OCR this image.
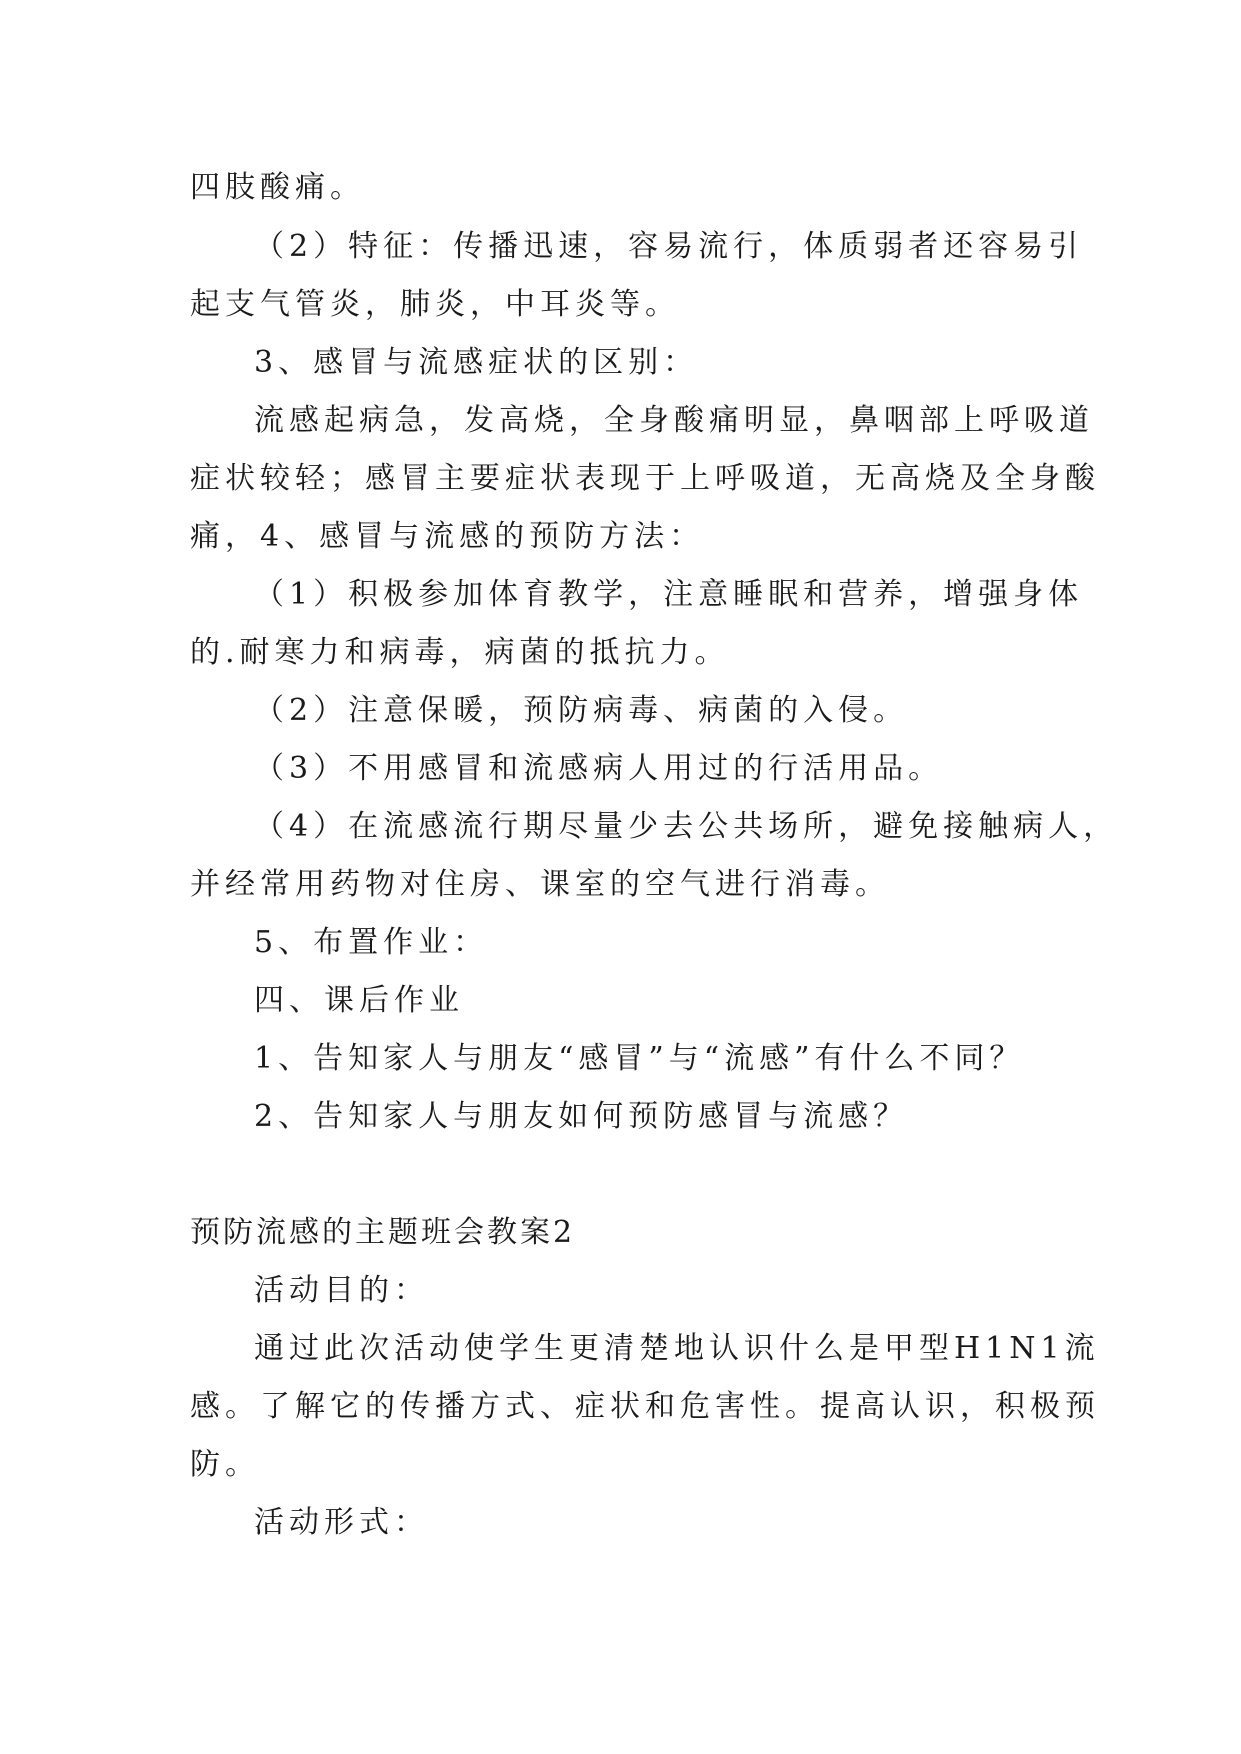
四肢酸痛。
（2）特征：传播迅速，容易流行，体质弱者还容易引
起支气管炎，肺炎，中耳炎等。
3、感冒与流感症状的区别：
流感起病急，发高烧，全身酸痛明显，鼻咽部上呼吸道
症状较轻；感冒主要症状表现于上呼吸道，无高烧及全身酸
痛，4、感冒与流感的预防方法：
（1）积极参加体育教学，注意睡眠和营养，增强身体
的.耐寒力和病毒，病菌的抵抗力。
（2）注意保暖，预防病毒、病菌的入侵。
（3）不用感冒和流感病人用过的行活用品。
（4）在流感流行期尽量少去公共场所，避免接触病人，
并经常用药物对住房、课室的空气进行消毒。
5、布置作业：
四、课后作业
1、告知家人与朋友“感冒”与“流感”有什么不同？
2、告知家人与朋友如何预防感冒与流感？
预防流感的主题班会教案2
活动目的：
通过此次活动使学生更清楚地认识什么是甲型H1N1流
感。了解它的传播方式、症状和危害性。提高认识，积极预
防。
活动形式：
